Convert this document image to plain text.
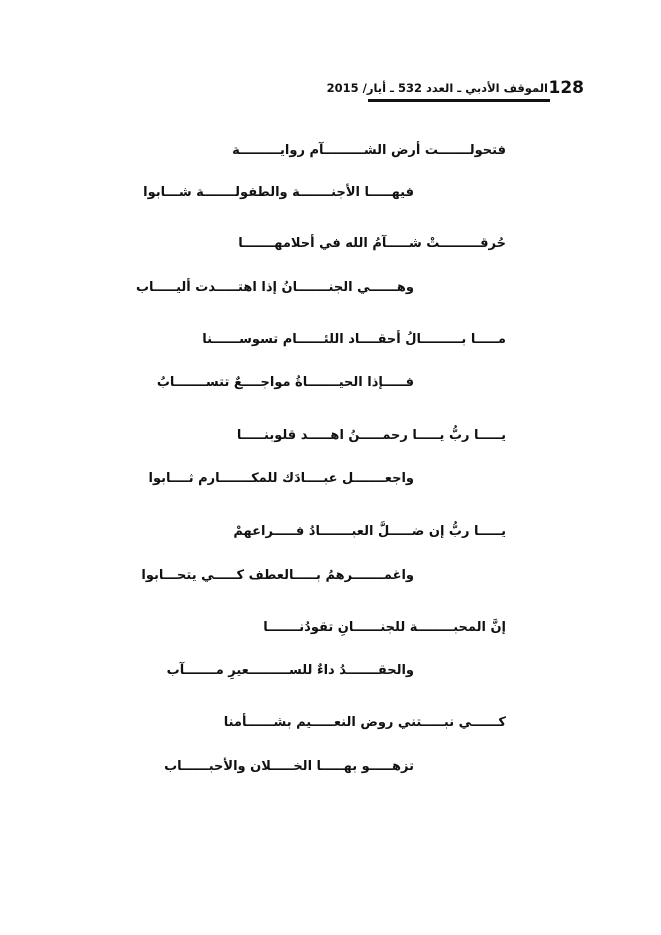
128
الموقف الأدبي ـ العدد 532 ـ أيار/ 2015
فتحولـــــــت أرض الشـــــــــآم روايـــــــــة
فيهـــــا الأجنـــــــة والطفولـــــــة شـــابوا
حُرقـــــــــتْ شـــــآمُ الله في أحلامهـــــــا
وهــــــي الجنـــــــانُ إذا اهتـــــدت أليـــــاب
مـــــا بـــــــــالُ أحقــــاد اللئــــــام تسوســــــنا
فـــــإذا الحيـــــــاةُ مواجــــعٌ تتســـــــابُ
يـــــا ربُّ يـــــا رحمـــــنُ اهـــــد قلوبنـــــا
واجعـــــــل عبــــادَك للمكـــــــارم ثــــابوا
يـــــا ربُّ إن ضـــــلَّ العبـــــــادُ فـــــراعهمْ
واغمـــــــرهمُ بـــــالعطف كـــــي يتحـــابوا
إنَّ المحبــــــــة للجنــــــانِ تقودُنـــــــا
والحقـــــــدُ داءٌ للســـــــــعيرِ مـــــــآب
كــــــي نبـــــتني روض النعـــــيم بشــــــأمنا
تزهـــــو بهـــــا الخـــــلان والأحبــــــاب
